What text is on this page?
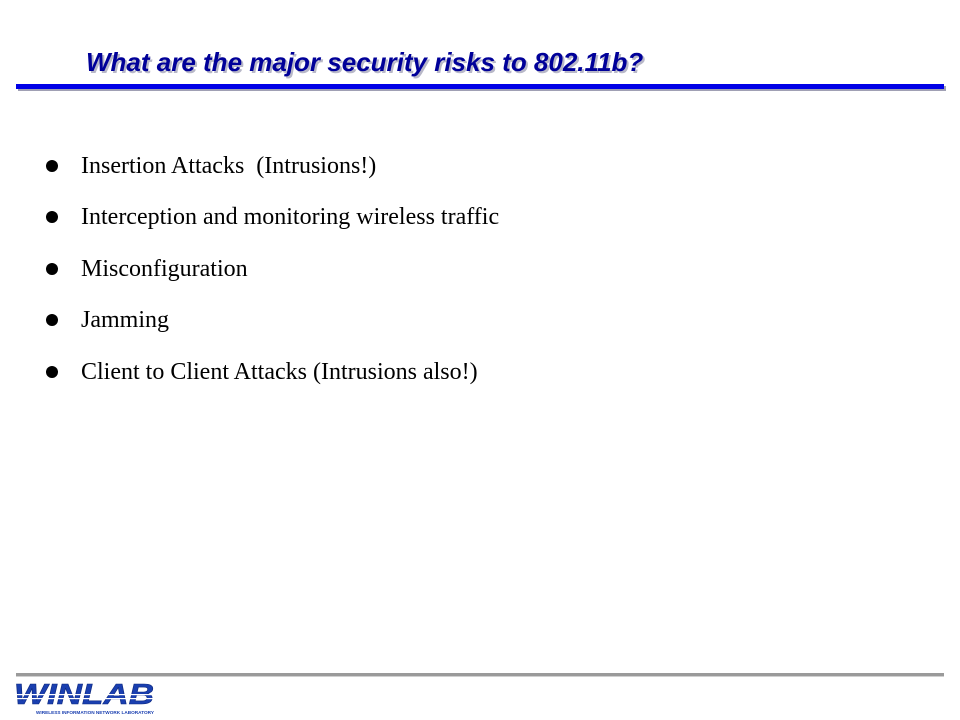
What are the major security risks to 802.11b?
Insertion Attacks  (Intrusions!)
Interception and monitoring wireless traffic
Misconfiguration
Jamming
Client to Client Attacks (Intrusions also!)
WIRELESS INFORMATION NETWORK LABORATORY
